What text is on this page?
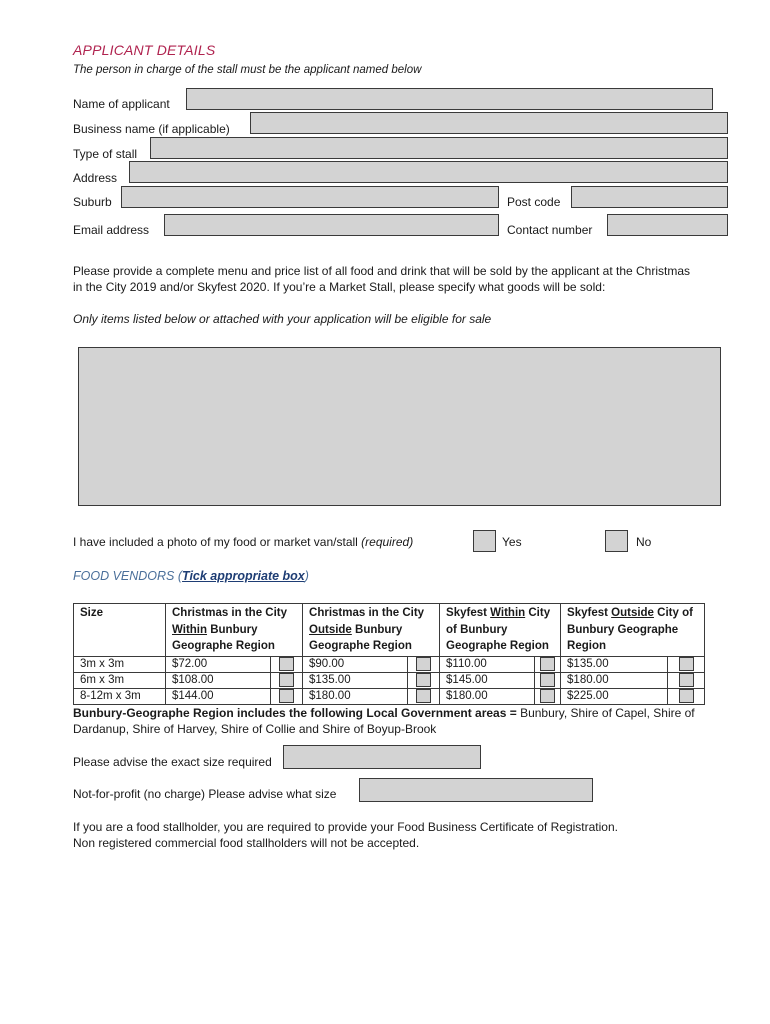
APPLICANT DETAILS
The person in charge of the stall must be the applicant named below
Name of applicant
Business name (if applicable)
Type of stall
Address
Suburb	Post code
Email address	Contact number
Please provide a complete menu and price list of all food and drink that will be sold by the applicant at the Christmas in the City 2019 and/or Skyfest 2020. If you’re a Market Stall, please specify what goods will be sold:
Only items listed below or attached with your application will be eligible for sale
I have included a photo of my food or market van/stall (required)	Yes	No
FOOD VENDORS (Tick appropriate box)
Size	Christmas in the City Within Bunbury Geographe Region		Christmas in the City Outside Bunbury Geographe Region		Skyfest Within City of Bunbury Geographe Region		Skyfest Outside City of Bunbury Geographe Region	
3m x 3m	$72.00		$90.00		$110.00		$135.00	

6m x 3m	$108.00		$135.00		$145.00		$180.00	

8-12m x 3m	$144.00		$180.00		$180.00		$225.00	
Bunbury-Geographe Region includes the following Local Government areas = Bunbury, Shire of Capel, Shire of Dardanup, Shire of Harvey, Shire of Collie and Shire of Boyup-Brook
Please advise the exact size required
Not-for-profit (no charge) Please advise what size
If you are a food stallholder, you are required to provide your Food Business Certificate of Registration.
Non registered commercial food stallholders will not be accepted.
